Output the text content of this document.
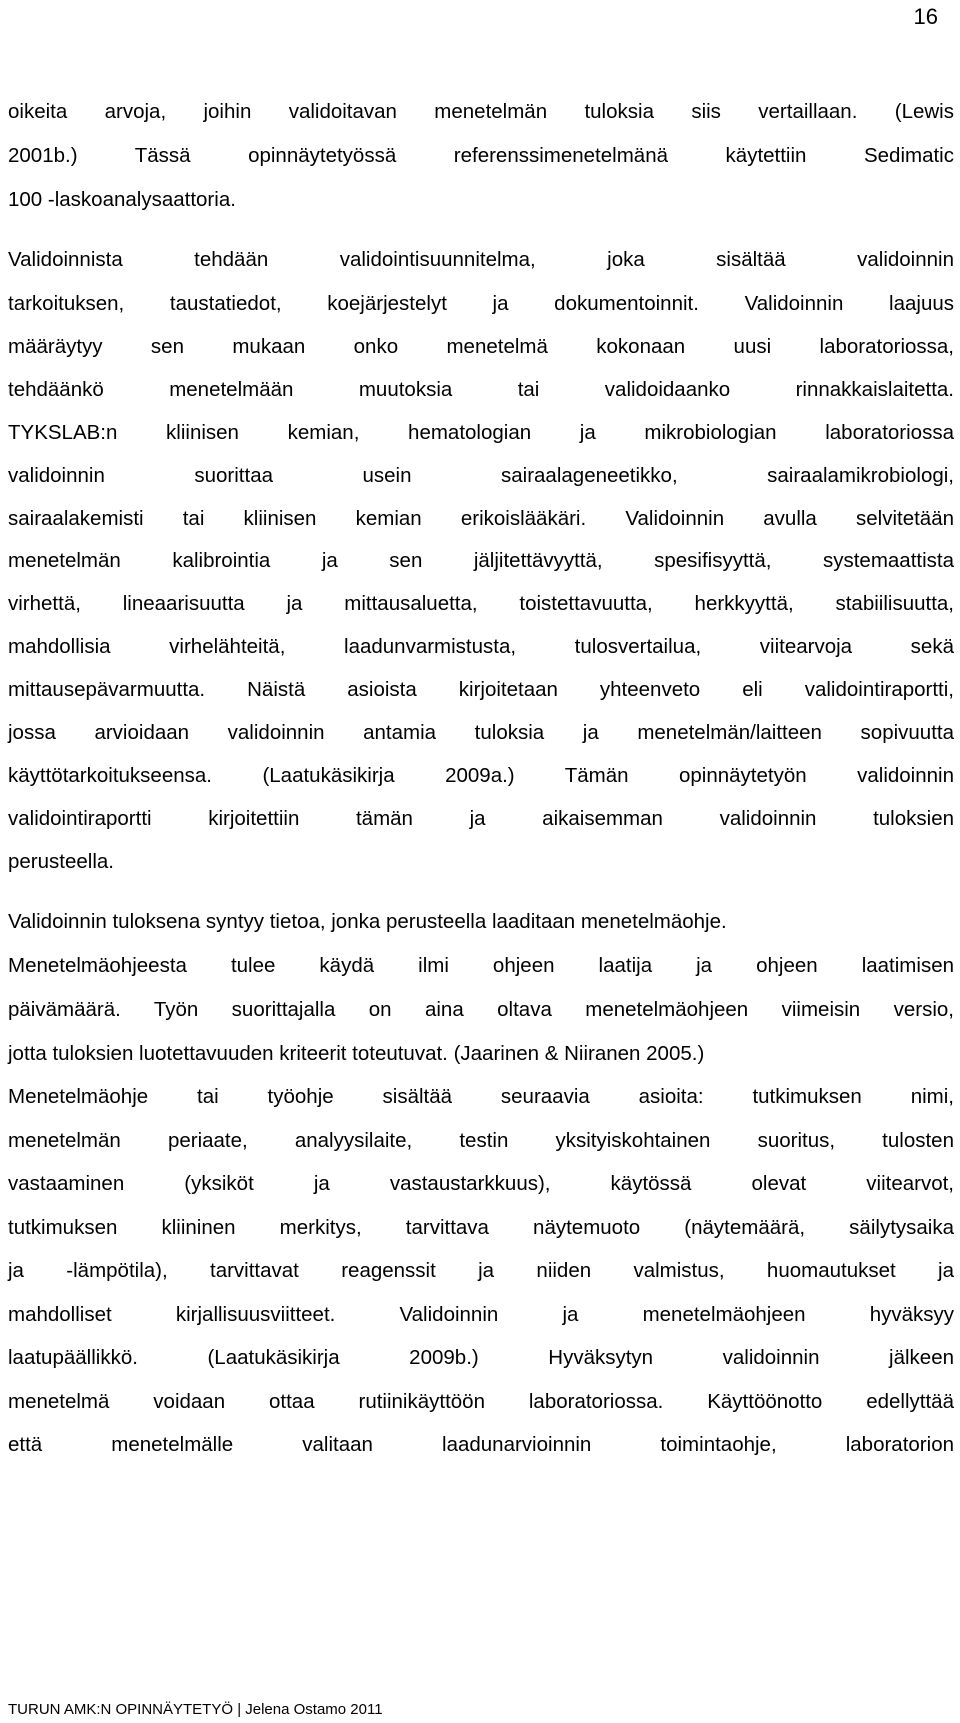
16
oikeita arvoja, joihin validoitavan menetelmän tuloksia siis vertaillaan. (Lewis
2001b.) Tässä opinnäytetyössä referenssimenetelmänä käytettiin Sedimatic
100 -laskoanalysaattoria.
Validoinnista tehdään validointisuunnitelma, joka sisältää validoinnin
tarkoituksen, taustatiedot, koejärjestelyt ja dokumentoinnit. Validoinnin laajuus
määräytyy sen mukaan onko menetelmä kokonaan uusi laboratoriossa,
tehdäänkö menetelmään muutoksia tai validoidaanko rinnakkaislaitetta.
TYKSLAB:n kliinisen kemian, hematologian ja mikrobiologian laboratoriossa
validoinnin suorittaa usein sairaalageneetikko, sairaalamikrobiologi,
sairaalakemisti tai kliinisen kemian erikoislääkäri. Validoinnin avulla selvitetään
menetelmän kalibrointia ja sen jäljitettävyyttä, spesifisyyttä, systemaattista
virhettä, lineaarisuutta ja mittausaluetta, toistettavuutta, herkkyyttä, stabiilisuutta,
mahdollisia virhelähteitä, laadunvarmistusta, tulosvertailua, viitearvoja sekä
mittausepävarmuutta. Näistä asioista kirjoitetaan yhteenveto eli validointiraportti,
jossa arvioidaan validoinnin antamia tuloksia ja menetelmän/laitteen sopivuutta
käyttötarkoitukseensa. (Laatukäsikirja 2009a.) Tämän opinnäytetyön validoinnin
validointiraportti kirjoitettiin tämän ja aikaisemman validoinnin tuloksien
perusteella.
Validoinnin tuloksena syntyy tietoa, jonka perusteella laaditaan menetelmäohje.
Menetelmäohjeesta tulee käydä ilmi ohjeen laatija ja ohjeen laatimisen
päivämäärä. Työn suorittajalla on aina oltava menetelmäohjeen viimeisin versio,
jotta tuloksien luotettavuuden kriteerit toteutuvat. (Jaarinen & Niiranen 2005.)
Menetelmäohje tai työohje sisältää seuraavia asioita: tutkimuksen nimi,
menetelmän periaate, analyysilaite, testin yksityiskohtainen suoritus, tulosten
vastaaminen (yksiköt ja vastaustarkkuus), käytössä olevat viitearvot,
tutkimuksen kliininen merkitys, tarvittava näytemuoto (näytemäärä, säilytysaika
ja -lämpötila), tarvittavat reagenssit ja niiden valmistus, huomautukset ja
mahdolliset kirjallisuusviitteet. Validoinnin ja menetelmäohjeen hyväksyy
laatupäällikkö. (Laatukäsikirja 2009b.) Hyväksytyn validoinnin jälkeen
menetelmä voidaan ottaa rutiinikäyttöön laboratoriossa. Käyttöönotto edellyttää
että menetelmälle valitaan laadunarvioinnin toimintaohje, laboratorion
TURUN AMK:N OPINNÄYTETYÖ | Jelena Ostamo 2011
